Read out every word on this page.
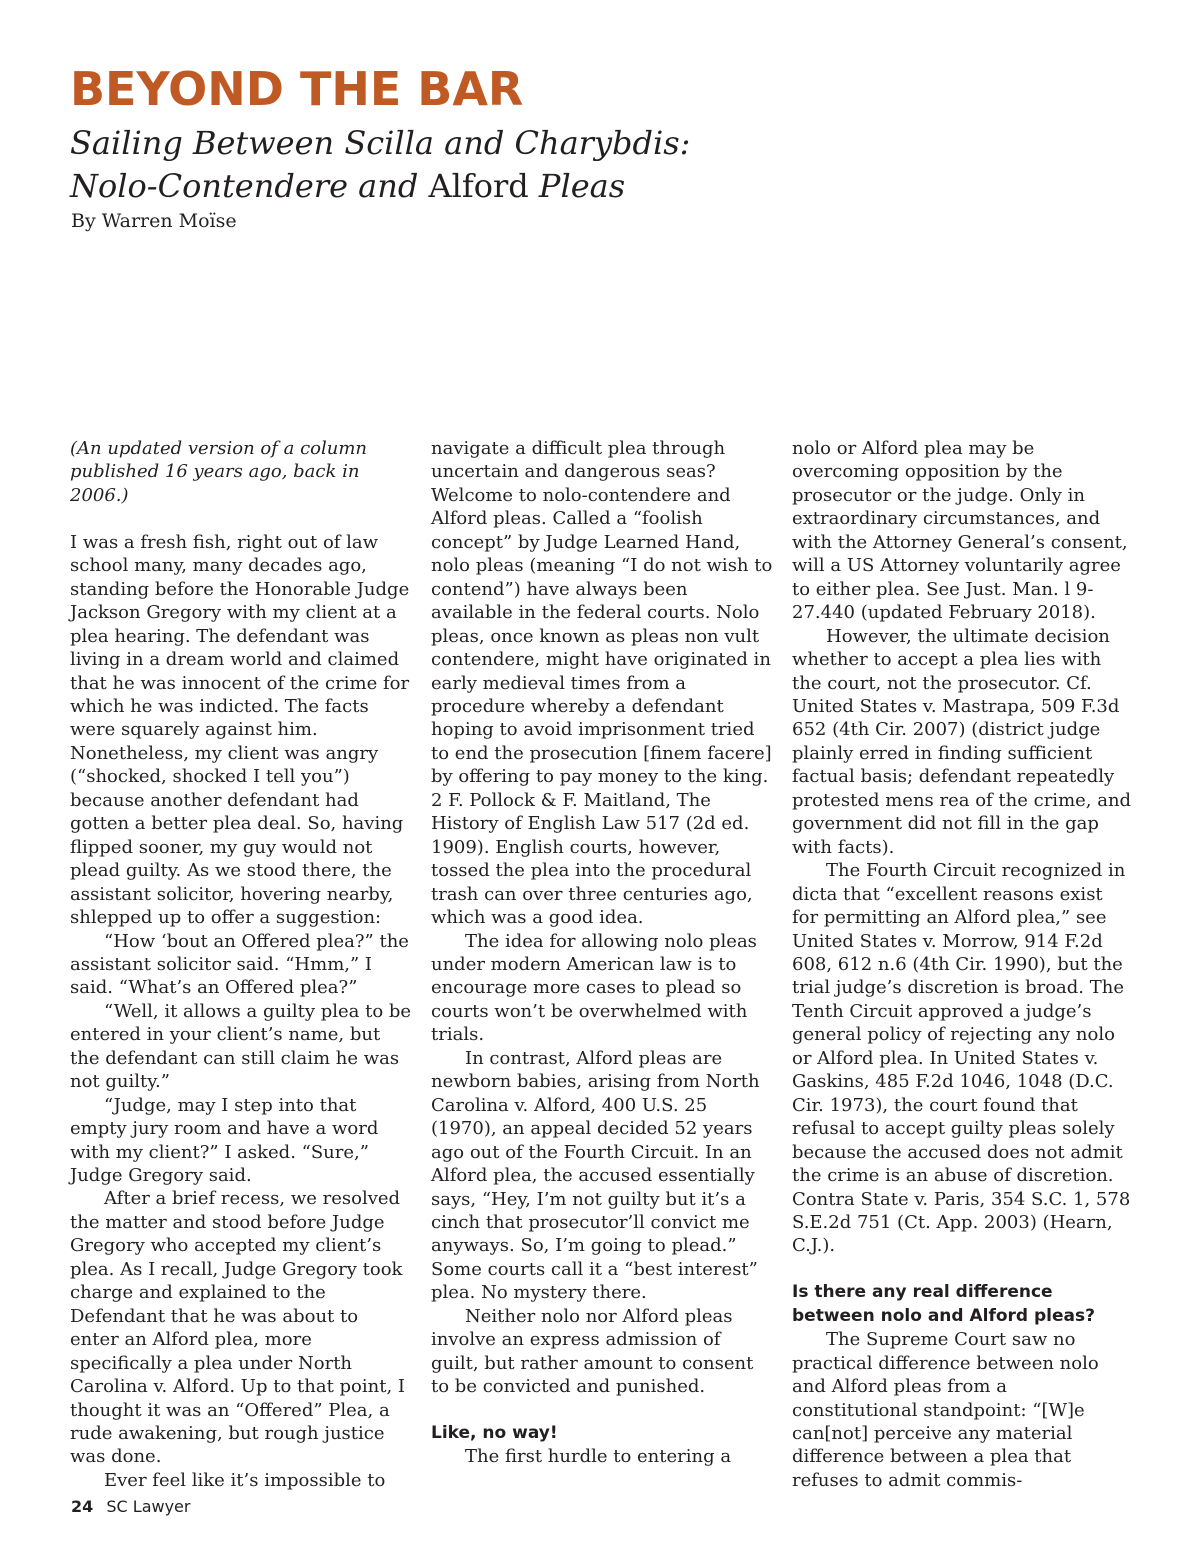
BEYOND THE BAR
Sailing Between Scilla and Charybdis:
Nolo-Contendere and Alford Pleas
By Warren Moïse

(An updated version of a column published 16 years ago, back in 2006.)

I was a fresh fish, right out of law school many, many decades ago, standing before the Honorable Judge Jackson Gregory with my client at a plea hearing. The defendant was living in a dream world and claimed that he was innocent of the crime for which he was indicted. The facts were squarely against him. Nonetheless, my client was angry (“shocked, shocked I tell you”) because another defendant had gotten a better plea deal. So, having flipped sooner, my guy would not plead guilty. As we stood there, the assistant solicitor, hovering nearby, shlepped up to offer a suggestion:

“How ‘bout an Offered plea?” the assistant solicitor said. “Hmm,” I said. “What’s an Offered plea?”

“Well, it allows a guilty plea to be entered in your client’s name, but the defendant can still claim he was not guilty.”

“Judge, may I step into that empty jury room and have a word with my client?” I asked. “Sure,” Judge Gregory said.

After a brief recess, we resolved the matter and stood before Judge Gregory who accepted my client’s plea. As I recall, Judge Gregory took charge and explained to the Defendant that he was about to enter an Alford plea, more specifically a plea under North Carolina v. Alford. Up to that point, I thought it was an “Offered” Plea, a rude awakening, but rough justice was done.

Ever feel like it’s impossible to

navigate a difficult plea through uncertain and dangerous seas? Welcome to nolo-contendere and Alford pleas. Called a “foolish concept” by Judge Learned Hand, nolo pleas (meaning “I do not wish to contend”) have always been available in the federal courts. Nolo pleas, once known as pleas non vult contendere, might have originated in early medieval times from a procedure whereby a defendant hoping to avoid imprisonment tried to end the prosecution [finem facere] by offering to pay money to the king. 2 F. Pollock & F. Maitland, The History of English Law 517 (2d ed. 1909). English courts, however, tossed the plea into the procedural trash can over three centuries ago, which was a good idea.

The idea for allowing nolo pleas under modern American law is to encourage more cases to plead so courts won’t be overwhelmed with trials.

In contrast, Alford pleas are newborn babies, arising from North Carolina v. Alford, 400 U.S. 25 (1970), an appeal decided 52 years ago out of the Fourth Circuit. In an Alford plea, the accused essentially says, “Hey, I’m not guilty but it’s a cinch that prosecutor’ll convict me anyways. So, I’m going to plead.” Some courts call it a “best interest” plea. No mystery there.

Neither nolo nor Alford pleas involve an express admission of guilt, but rather amount to consent to be convicted and punished.

Like, no way!

The first hurdle to entering a

nolo or Alford plea may be overcoming opposition by the prosecutor or the judge. Only in extraordinary circumstances, and with the Attorney General’s consent, will a US Attorney voluntarily agree to either plea. See Just. Man. l 9-27.440 (updated February 2018).

However, the ultimate decision whether to accept a plea lies with the court, not the prosecutor. Cf. United States v. Mastrapa, 509 F.3d 652 (4th Cir. 2007) (district judge plainly erred in finding sufficient factual basis; defendant repeatedly protested mens rea of the crime, and government did not fill in the gap with facts).

The Fourth Circuit recognized in dicta that “excellent reasons exist for permitting an Alford plea,” see United States v. Morrow, 914 F.2d 608, 612 n.6 (4th Cir. 1990), but the trial judge’s discretion is broad. The Tenth Circuit approved a judge’s general policy of rejecting any nolo or Alford plea. In United States v. Gaskins, 485 F.2d 1046, 1048 (D.C. Cir. 1973), the court found that refusal to accept guilty pleas solely because the accused does not admit the crime is an abuse of discretion. Contra State v. Paris, 354 S.C. 1, 578 S.E.2d 751 (Ct. App. 2003) (Hearn, C.J.).

Is there any real difference between nolo and Alford pleas?

The Supreme Court saw no practical difference between nolo and Alford pleas from a constitutional standpoint: “[W]e can[not] perceive any material difference between a plea that refuses to admit commis-

24 SC Lawyer
